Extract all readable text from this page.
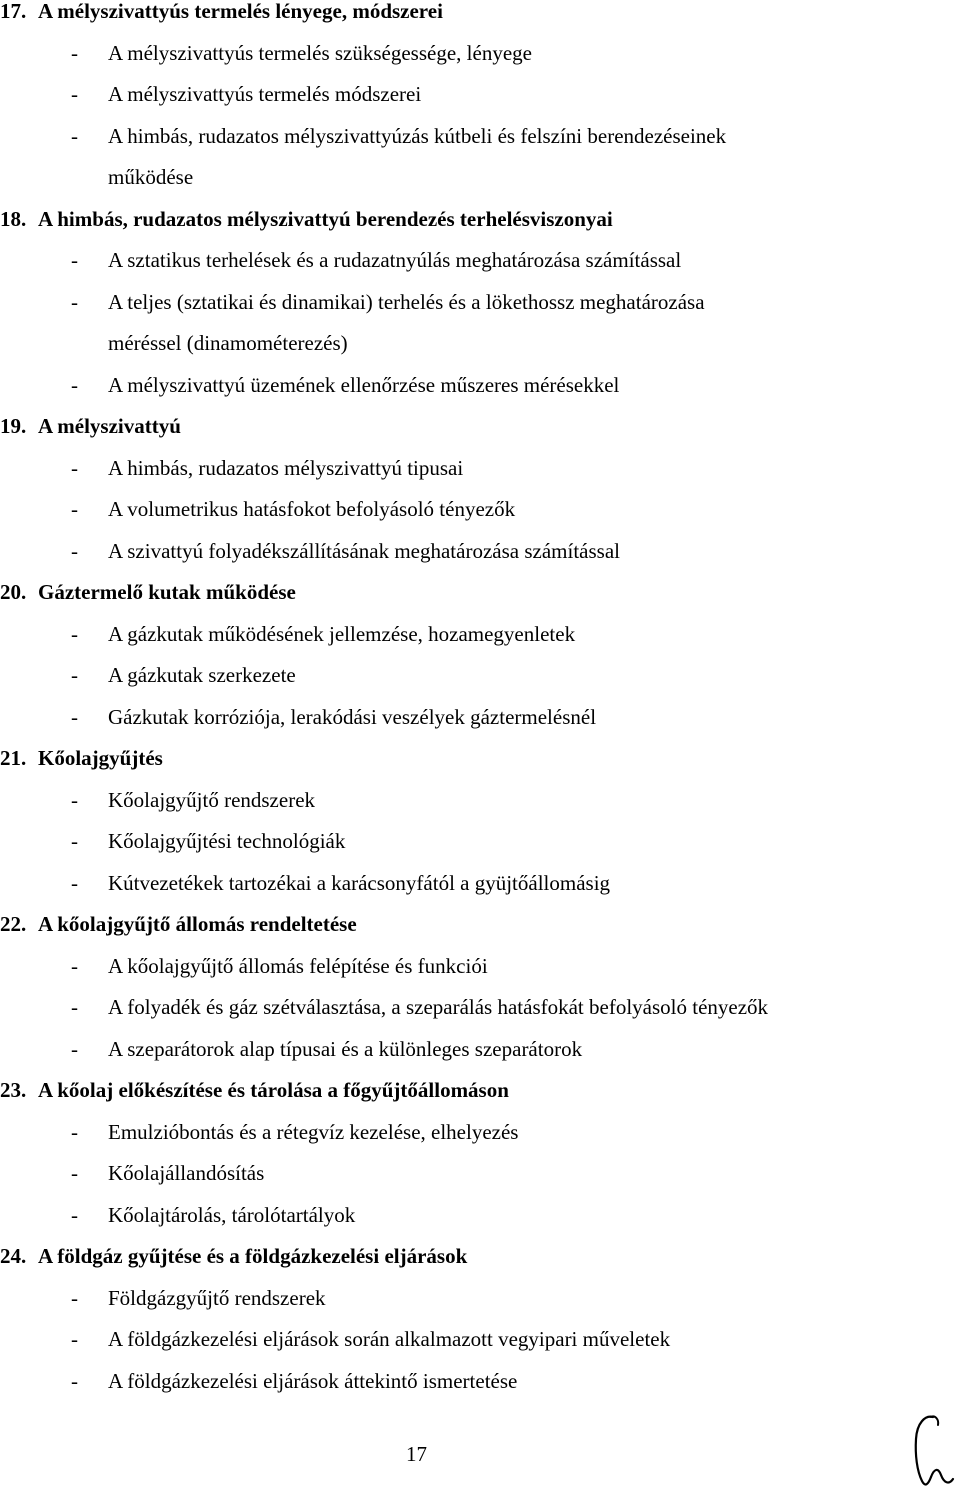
17. A mélyszivattyús termelés lényege, módszerei
- A mélyszivattyús termelés szükségessége, lényege
- A mélyszivattyús termelés módszerei
- A himbás, rudazatos mélyszivattyúzás kútbeli és felszíni berendezéseinek
működése
18. A himbás, rudazatos mélyszivattyú berendezés terhelésviszonyai
- A sztatikus terhelések és a rudazatnyúlás meghatározása számítással
- A teljes (sztatikai és dinamikai) terhelés és a lökethossz meghatározása
méréssel (dinamométerezés)
- A mélyszivattyú üzemének ellenőrzése műszeres mérésekkel
19. A mélyszivattyú
- A himbás, rudazatos mélyszivattyú tipusai
- A volumetrikus hatásfokot befolyásoló tényezők
- A szivattyú folyadékszállításának meghatározása számítással
20. Gáztermelő kutak működése
- A gázkutak működésének jellemzése, hozamegyenletek
- A gázkutak szerkezete
- Gázkutak korróziója, lerakódási veszélyek gáztermelésnél
21. Kőolajgyűjtés
- Kőolajgyűjtő rendszerek
- Kőolajgyűjtési technológiák
- Kútvezetékek tartozékai a karácsonyfától a gyüjtőállomásig
22. A kőolajgyűjtő állomás rendeltetése
- A kőolajgyűjtő állomás felépítése és funkciói
- A folyadék és gáz szétválasztása, a szeparálás hatásfokát befolyásoló tényezők
- A szeparátorok alap típusai és a különleges szeparátorok
23. A kőolaj előkészítése és tárolása a főgyűjtőállomáson
- Emulzióbontás és a rétegvíz kezelése, elhelyezés
- Kőolajállandósítás
- Kőolajtárolás, tárolótartályok
24. A földgáz gyűjtése és a földgázkezelési eljárások
- Földgázgyűjtő rendszerek
- A földgázkezelési eljárások során alkalmazott vegyipari műveletek
- A földgázkezelési eljárások áttekintő ismertetése
17
